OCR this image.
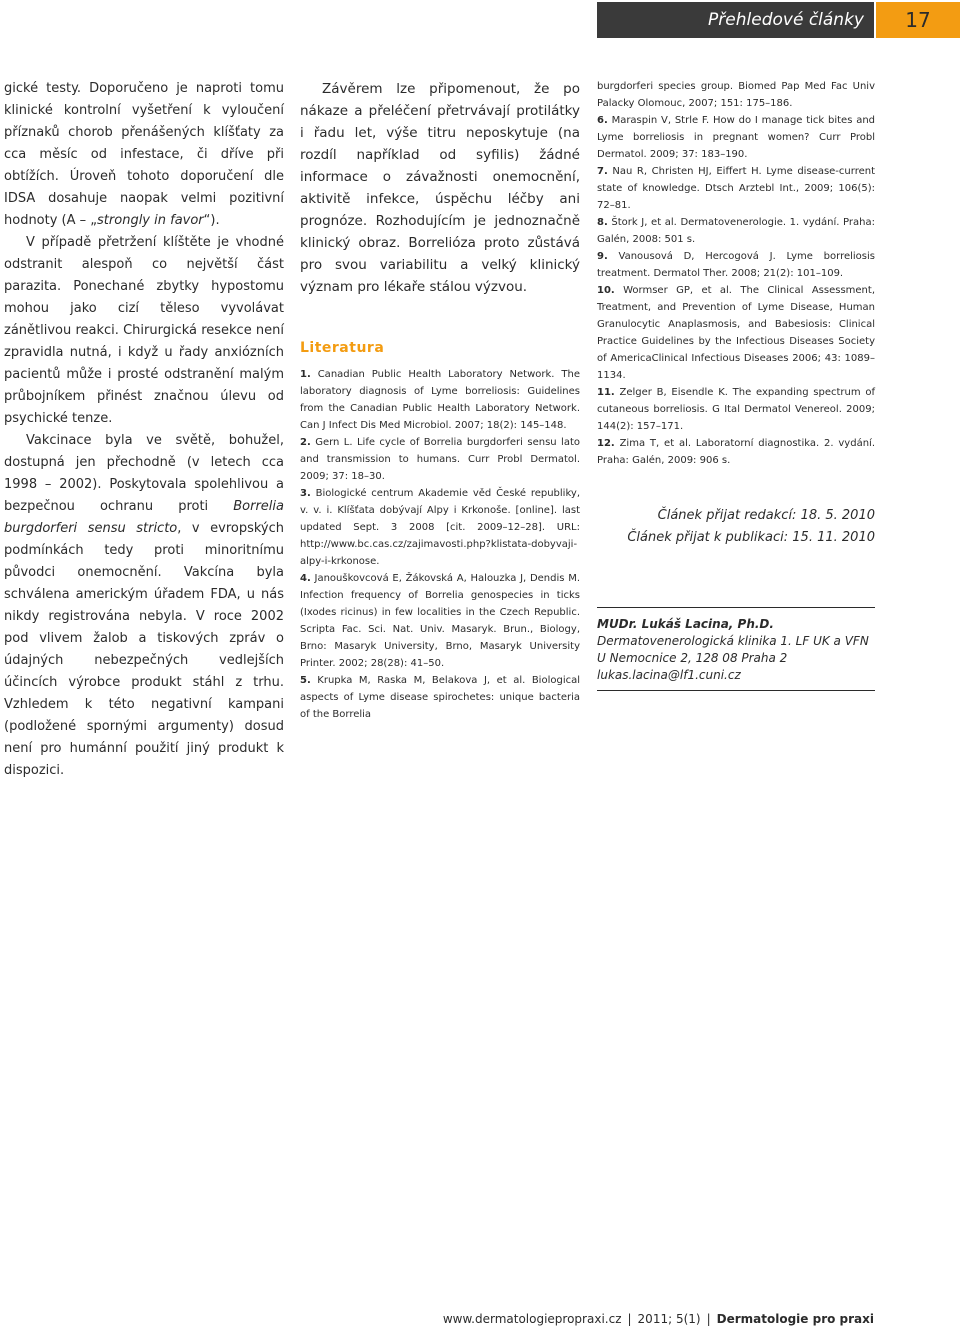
Přehledové články	17

gické testy. Doporučeno je naproti tomu klinické kontrolní vyšetření k vyloučení příznaků chorob přenášených klíšťaty za cca měsíc od infestace, či dříve při obtížích. Úroveň tohoto doporučení dle IDSA dosahuje naopak velmi pozitivní hodnoty (A – „strongly in favor“).

V případě přetržení klíštěte je vhodné odstranit alespoň co největší část parazita. Ponechané zbytky hypostomu mohou jako cizí těleso vyvolávat zánětlivou reakci. Chirurgická resekce není zpravidla nutná, i když u řady anxiózních pacientů může i prosté odstranění malým průbojníkem přinést značnou úlevu od psychické tenze.

Vakcinace byla ve světě, bohužel, dostupná jen přechodně (v letech cca 1998 – 2002). Poskytovala spolehlivou a bezpečnou ochranu proti Borrelia burgdorferi sensu stricto, v evropských podmínkách tedy proti minoritnímu původci onemocnění. Vakcína byla schválena americkým úřadem FDA, u nás nikdy registrována nebyla. V roce 2002 pod vlivem žalob a tiskových zpráv o údajných nebezpečných vedlejších účincích výrobce produkt stáhl z trhu. Vzhledem k této negativní kampani (podložené spornými argumenty) dosud není pro humánní použití jiný produkt k dispozici.

Závěrem lze připomenout, že po nákaze a přeléčení přetrvávají protilátky i řadu let, výše titru neposkytuje (na rozdíl například od syfilis) žádné informace o závažnosti onemocnění, aktivitě infekce, úspěchu léčby ani prognóze. Rozhodujícím je jednoznačně klinický obraz. Borrelióza proto zůstává pro svou variabilitu a velký klinický význam pro lékaře stálou výzvou.

Literatura

1. Canadian Public Health Laboratory Network. The laboratory diagnosis of Lyme borreliosis: Guidelines from the Canadian Public Health Laboratory Network. Can J Infect Dis Med Microbiol. 2007; 18(2): 145–148.

2. Gern L. Life cycle of Borrelia burgdorferi sensu lato and transmission to humans. Curr Probl Dermatol. 2009; 37: 18–30.

3. Biologické centrum Akademie věd České republiky, v. v. i. Klíšťata dobývají Alpy i Krkonoše. [online]. last updated Sept. 3 2008 [cit. 2009–12–28]. URL: http://www.bc.cas.cz/zajimavosti.php?klistata-dobyvaji-alpy-i-krkonose.

4. Janouškovcová E, Žákovská A, Halouzka J, Dendis M. Infection frequency of Borrelia genospecies in ticks (Ixodes ricinus) in few localities in the Czech Republic. Scripta Fac. Sci. Nat. Univ. Masaryk. Brun., Biology, Brno: Masaryk University, Brno, Masaryk University Printer. 2002; 28(28): 41–50.

5. Krupka M, Raska M, Belakova J, et al. Biological aspects of Lyme disease spirochetes: unique bacteria of the Borrelia

burgdorferi species group. Biomed Pap Med Fac Univ Palacky Olomouc, 2007; 151: 175–186.

6. Maraspin V, Strle F. How do I manage tick bites and Lyme borreliosis in pregnant women? Curr Probl Dermatol. 2009; 37: 183–190.

7. Nau R, Christen HJ, Eiffert H. Lyme disease-current state of knowledge. Dtsch Arztebl Int., 2009; 106(5): 72–81.

8. Štork J, et al. Dermatovenerologie. 1. vydání. Praha: Galén, 2008: 501 s.

9. Vanousová D, Hercogová J. Lyme borreliosis treatment. Dermatol Ther. 2008; 21(2): 101–109.

10. Wormser GP, et al. The Clinical Assessment, Treatment, and Prevention of Lyme Disease, Human Granulocytic Anaplasmosis, and Babesiosis: Clinical Practice Guidelines by the Infectious Diseases Society of AmericaClinical Infectious Diseases 2006; 43: 1089–1134.

11. Zelger B, Eisendle K. The expanding spectrum of cutaneous borreliosis. G Ital Dermatol Venereol. 2009; 144(2): 157–171.

12. Zima T, et al. Laboratorní diagnostika. 2. vydání. Praha: Galén, 2009: 906 s.

Článek přijat redakcí: 18. 5. 2010
Článek přijat k publikaci: 15. 11. 2010
MUDr. Lukáš Lacina, Ph.D.
Dermatovenerologická klinika 1. LF UK a VFN
U Nemocnice 2, 128 08 Praha 2
lukas.lacina@lf1.cuni.cz
www.dermatologiepropraxi.cz | 2011; 5(1) | Dermatologie pro praxi
